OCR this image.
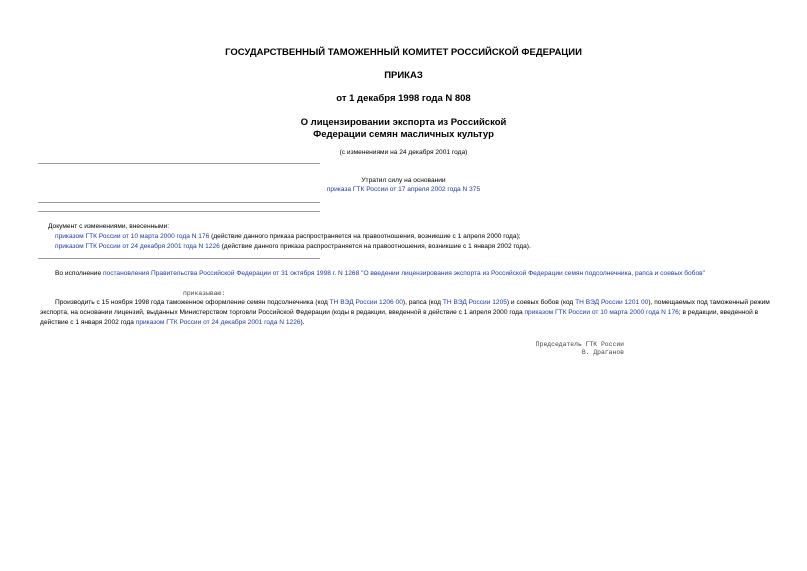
ГОСУДАРСТВЕННЫЙ ТАМОЖЕННЫЙ КОМИТЕТ РОССИЙСКОЙ ФЕДЕРАЦИИ
ПРИКАЗ
от 1 декабря 1998 года N 808
О лицензировании экспорта из Российской
Федерации семян масличных культур
(с изменениями на 24 декабря 2001 года)
Утратил силу на основании
приказа ГТК России от 17 апреля 2002 года N 375
Документ с изменениями, внесенными:
приказом ГТК России от 10 марта 2000 года N 176 (действие данного приказа распространяется на правоотношения, возникшие с 1 апреля 2000 года);
приказом ГТК России от 24 декабря 2001 года N 1226 (действие данного приказа распространяется на правоотношения, возникшие с 1 января 2002 года).
Во исполнение постановления Правительства Российской Федерации от 31 октября 1998 г. N 1268 "О введении лицензирования экспорта из Российской Федерации семян подсолнечника, рапса и соевых бобов"
приказываю:
Производить с 15 ноября 1998 года таможенное оформление семян подсолнечника (код ТН ВЭД России 1206 00), рапса (код ТН ВЭД России 1205) и соевых бобов (код ТН ВЭД России 1201 00), помещаемых под таможенный режим экспорта, на основании лицензий, выданных Министерством торговли Российской Федерации (коды в редакции, введенной в действие с 1 апреля 2000 года приказом ГТК России от 10 марта 2000 года N 176; в редакции, введенной в действие с 1 января 2002 года приказом ГТК России от 24 декабря 2001 года N 1226).
Председатель ГТК России
В. Драганов
